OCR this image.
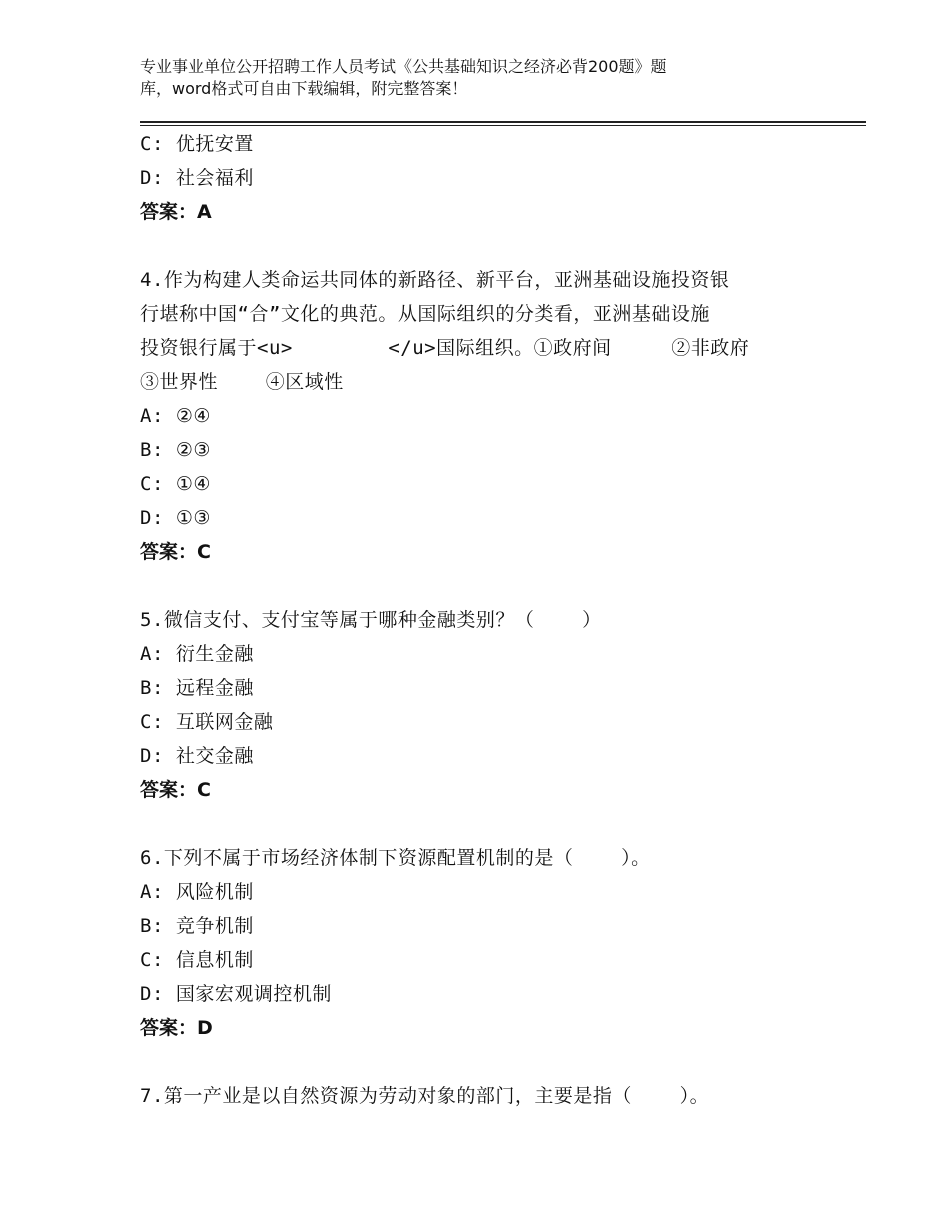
专业事业单位公开招聘工作人员考试《公共基础知识之经济必背200题》题
库，word格式可自由下载编辑，附完整答案！
C: 优抚安置
D: 社会福利
答案：A
4.作为构建人类命运共同体的新路径、新平台，亚洲基础设施投资银
行堪称中国“合”文化的典范。从国际组织的分类看，亚洲基础设施
投资银行属于<u>        </u>国际组织。①政府间     ②非政府
③世界性    ④区域性
A: ②④
B: ②③
C: ①④
D: ①③
答案：C
5.微信支付、支付宝等属于哪种金融类别？（    ）
A: 衍生金融
B: 远程金融
C: 互联网金融
D: 社交金融
答案：C
6.下列不属于市场经济体制下资源配置机制的是（    ）。
A: 风险机制
B: 竞争机制
C: 信息机制
D: 国家宏观调控机制
答案：D
7.第一产业是以自然资源为劳动对象的部门，主要是指（    ）。
